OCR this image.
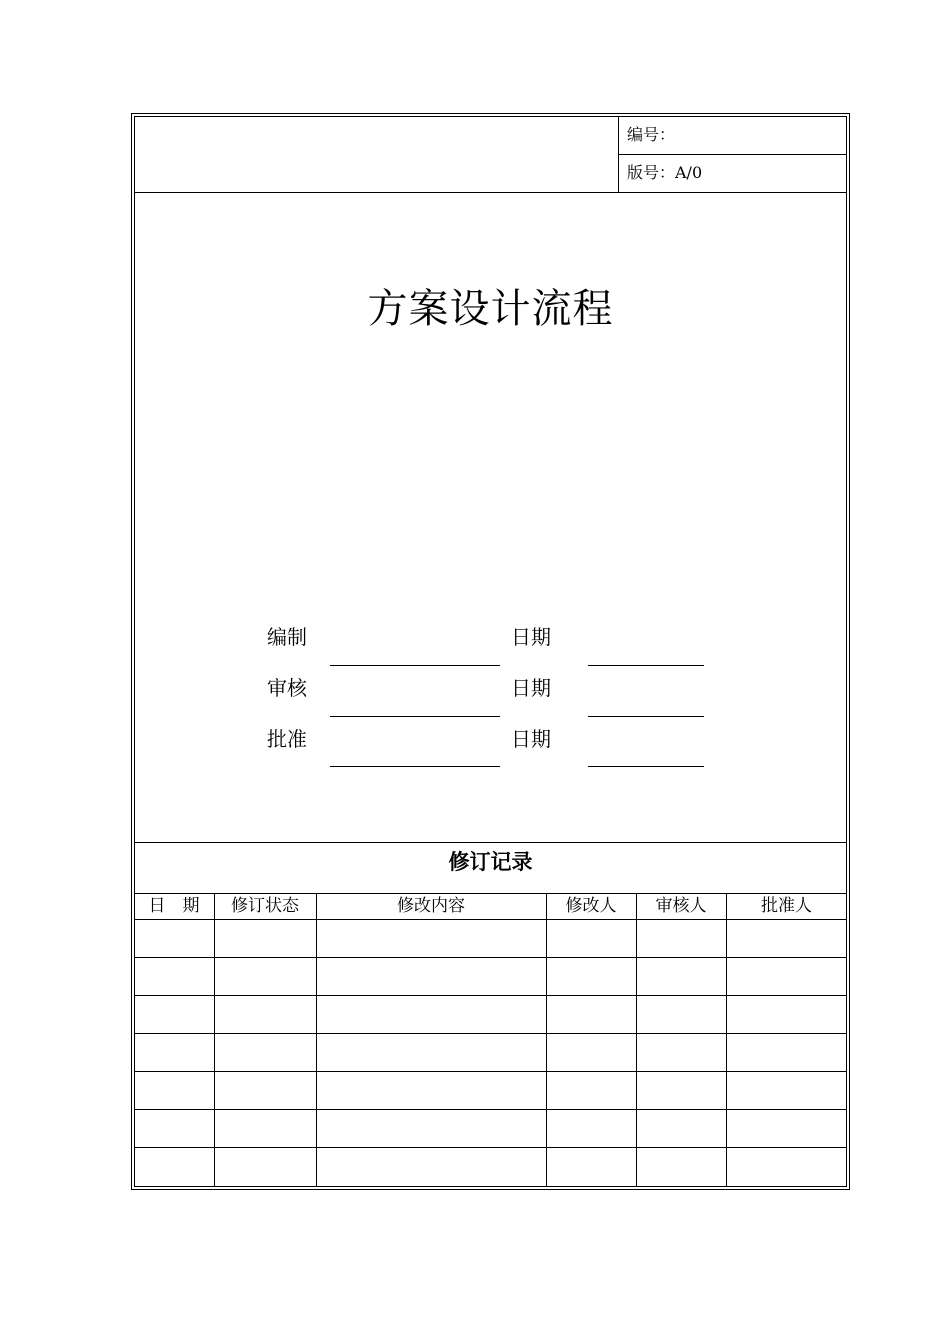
编号：
版号：A/0
方案设计流程
编制	日期
审核	日期
批准	日期
修订记录
日　期	修订状态	修改内容	修改人	审核人	批准人
